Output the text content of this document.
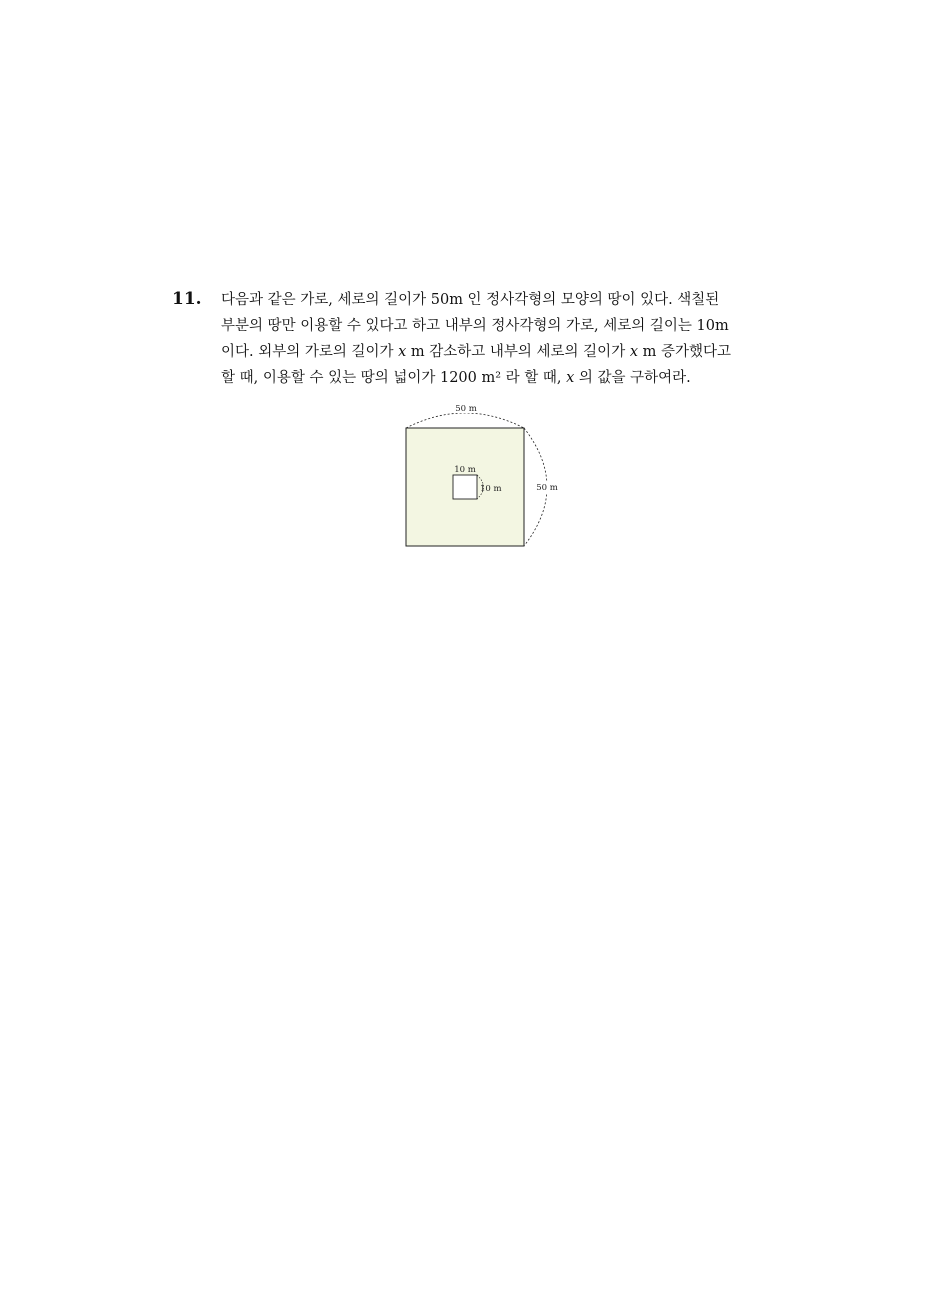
11. 다음과 같은 가로, 세로의 길이가 50m 인 정사각형의 모양의 땅이 있다. 색칠된
부분의 땅만 이용할 수 있다고 하고 내부의 정사각형의 가로, 세로의 길이는 10m
이다. 외부의 가로의 길이가 x m 감소하고 내부의 세로의 길이가 x m 증가했다고
할 때, 이용할 수 있는 땅의 넓이가 1200 m² 라 할 때, x 의 값을 구하여라.
50 m
50 m
10 m
10 m
